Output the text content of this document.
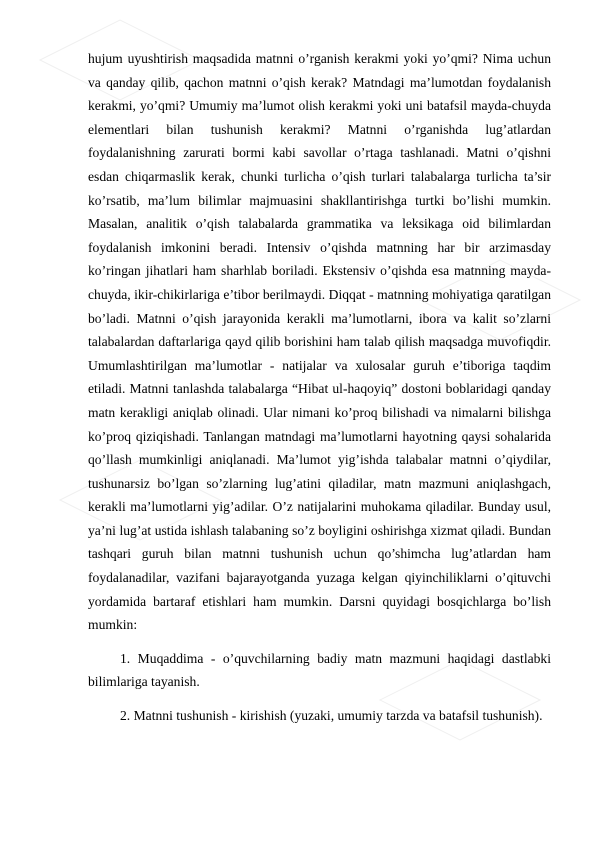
hujum uyushtirish maqsadida matnni o’rganish kerakmi yoki yo’qmi? Nima uchun va qanday qilib, qachon matnni o’qish kerak? Matndagi ma’lumotdan foydalanish kerakmi, yo’qmi? Umumiy ma’lumot olish kerakmi yoki uni batafsil mayda-chuyda elementlari bilan tushunish kerakmi? Matnni o’rganishda lug’atlardan foydalanishning zarurati bormi kabi savollar o’rtaga tashlanadi. Matni o’qishni esdan chiqarmaslik kerak, chunki turlicha o’qish turlari talabalarga turlicha ta’sir ko’rsatib, ma’lum bilimlar majmuasini shakllantirishga turtki bo’lishi mumkin. Masalan, analitik o’qish talabalarda grammatika va leksikaga oid bilimlardan foydalanish imkonini beradi. Intensiv o’qishda matnning har bir arzimasday ko’ringan jihatlari ham sharhlab boriladi. Ekstensiv o’qishda esa matnning mayda-chuyda, ikir-chikirlariga e’tibor berilmaydi. Diqqat - matnning mohiyatiga qaratilgan bo’ladi. Matnni o’qish jarayonida kerakli ma’lumotlarni, ibora va kalit so’zlarni talabalardan daftarlariga qayd qilib borishini ham talab qilish maqsadga muvofiqdir. Umumlashtirilgan ma’lumotlar - natijalar va xulosalar guruh e’tiboriga taqdim etiladi. Matnni tanlashda talabalarga “Hibat ul-haqoyiq” dostoni boblaridagi qanday matn kerakligi aniqlab olinadi. Ular nimani ko’proq bilishadi va nimalarni bilishga ko’proq qiziqishadi. Tanlangan matndagi ma’lumotlarni hayotning qaysi sohalarida qo’llash mumkinligi aniqlanadi. Ma’lumot yig’ishda talabalar matnni o’qiydilar, tushunarsiz bo’lgan so’zlarning lug’atini qiladilar, matn mazmuni aniqlashgach, kerakli ma’lumotlarni yig’adilar. O’z natijalarini muhokama qiladilar. Bunday usul, ya’ni lug’at ustida ishlash talabaning so’z boyligini oshirishga xizmat qiladi. Bundan tashqari guruh bilan matnni tushunish uchun qo’shimcha lug’atlardan ham foydalanadilar, vazifani bajarayotganda yuzaga kelgan qiyinchiliklarni o’qituvchi yordamida bartaraf etishlari ham mumkin. Darsni quyidagi bosqichlarga bo’lish mumkin:

1. Muqaddima - o’quvchilarning badiy matn mazmuni haqidagi dastlabki bilimlariga tayanish.

2. Matnni tushunish - kirishish (yuzaki, umumiy tarzda va batafsil tushunish).
